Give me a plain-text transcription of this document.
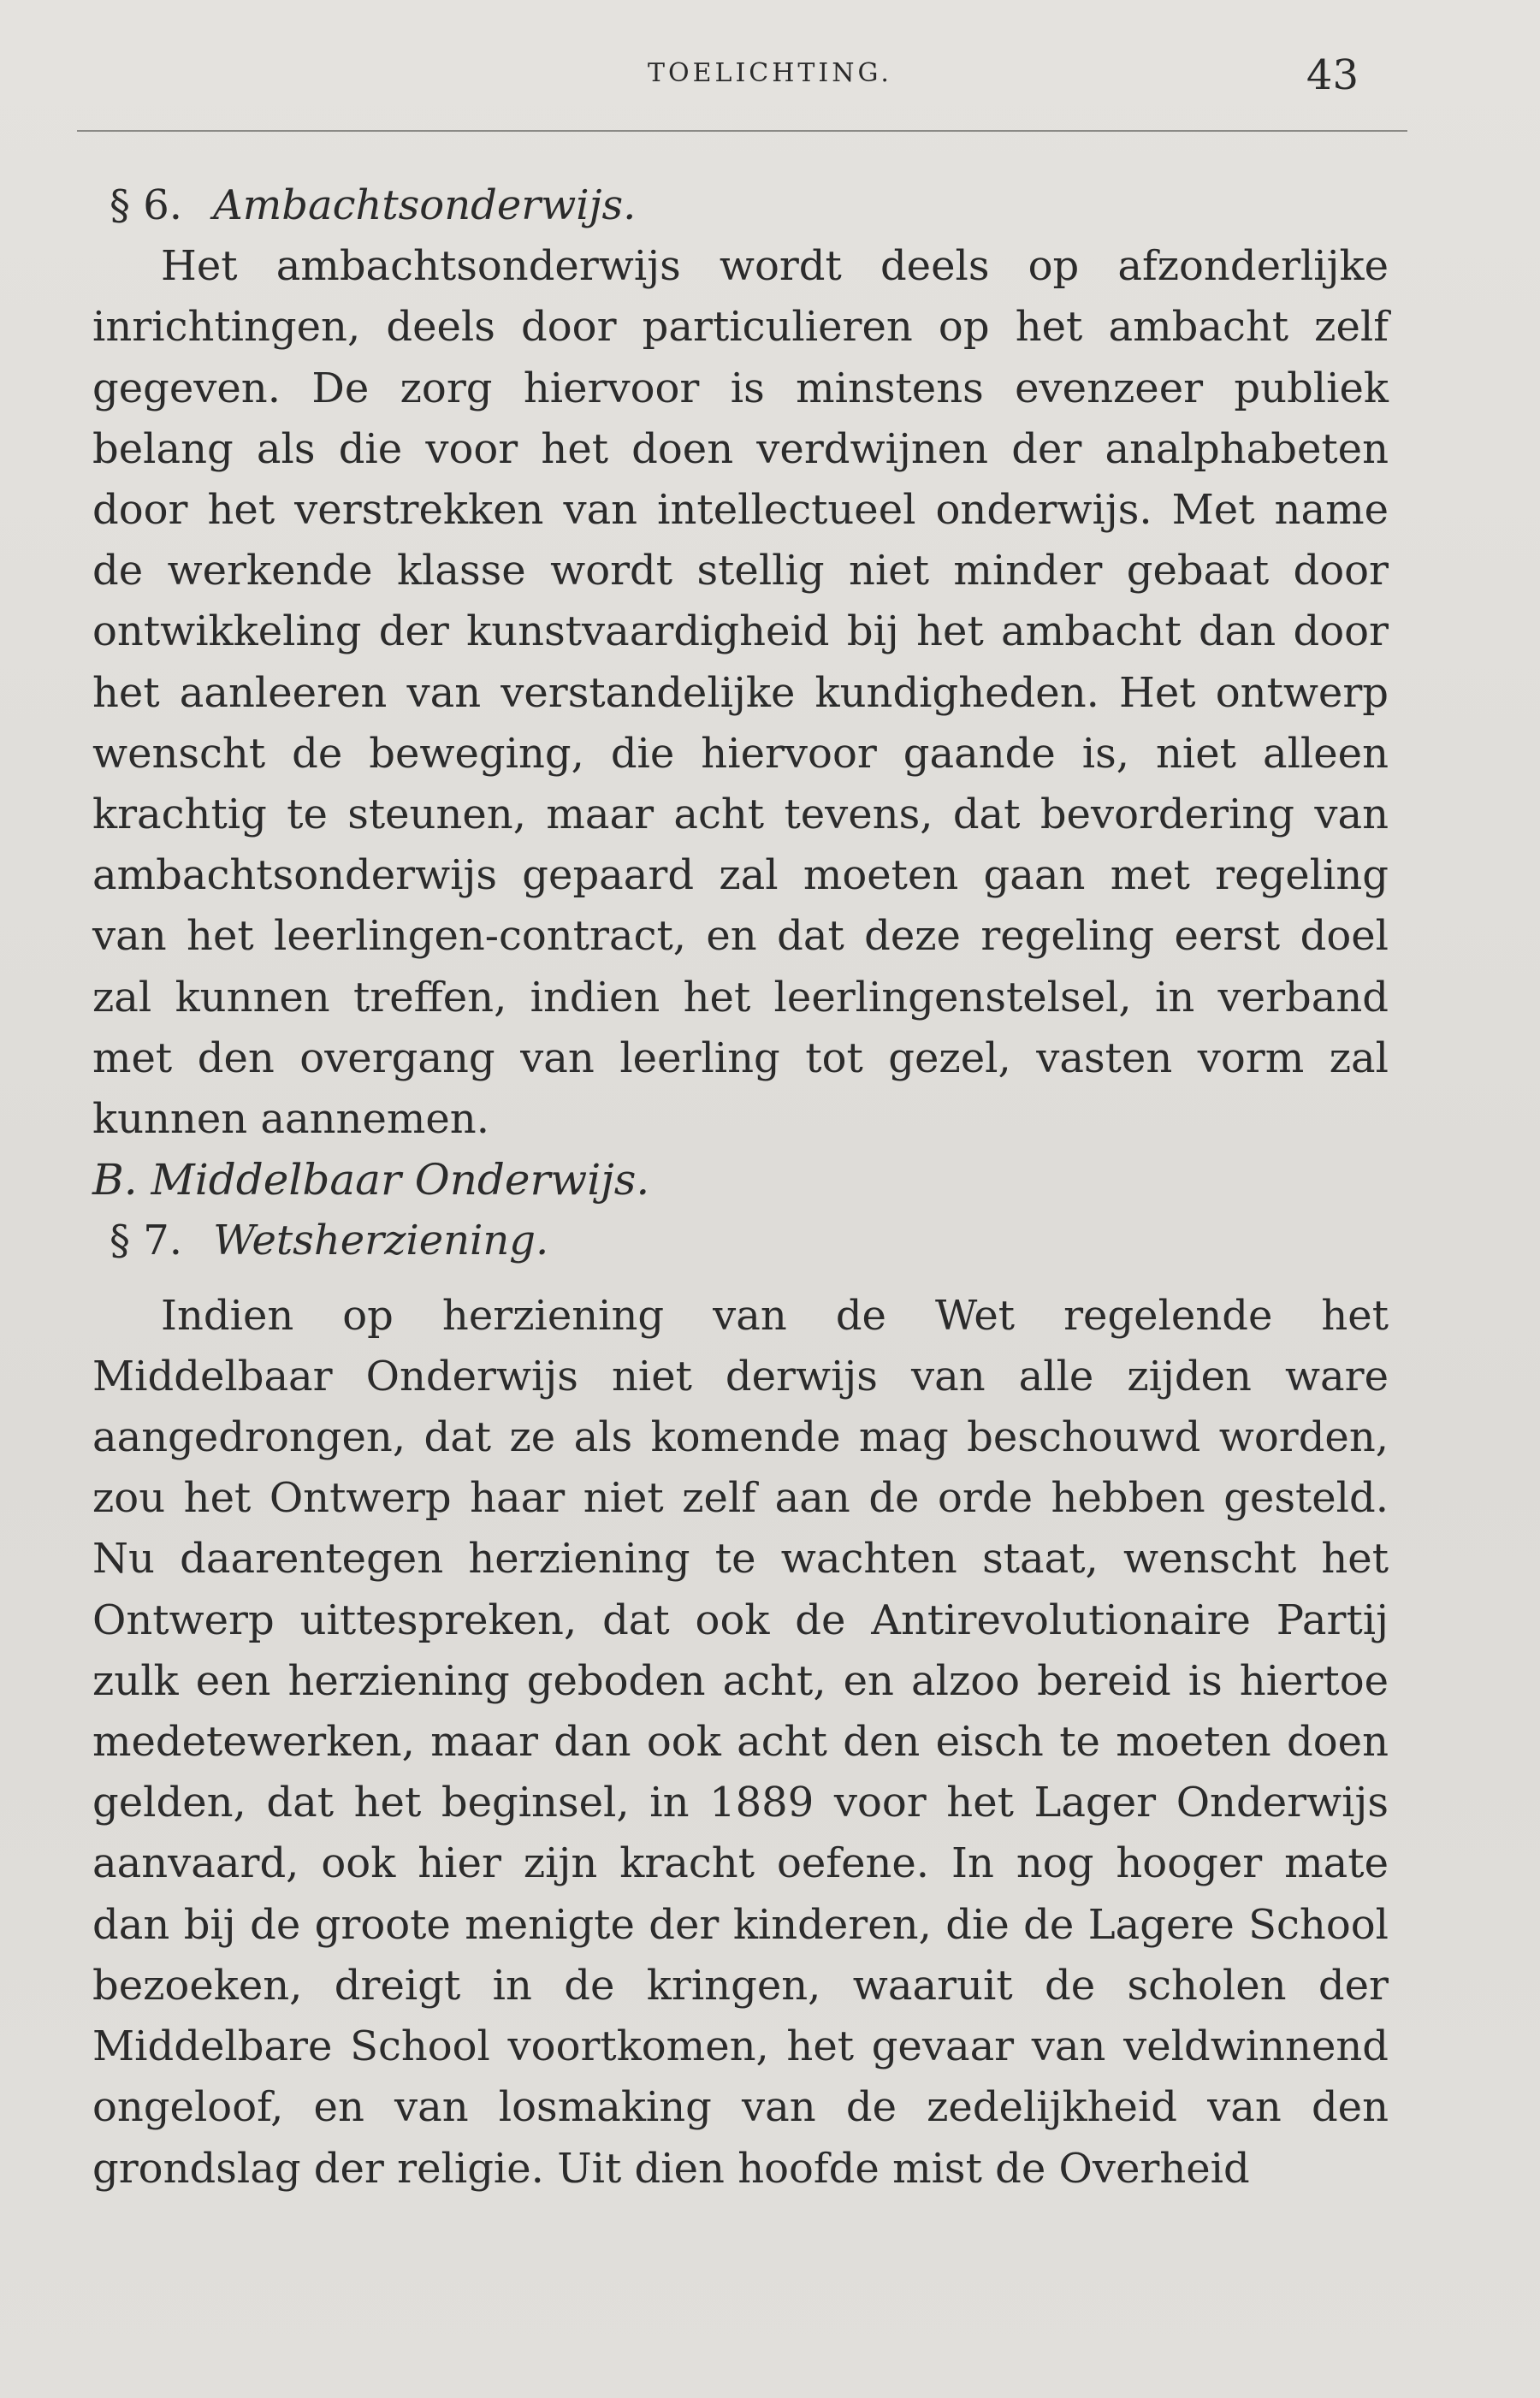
TOELICHTING.	43

§ 6. Ambachtsonderwijs.

Het ambachtsonderwijs wordt deels op afzonderlijke inrichtingen, deels door particulieren op het ambacht zelf gegeven. De zorg hiervoor is minstens evenzeer publiek belang als die voor het doen verdwijnen der analphabeten door het verstrekken van intellectueel onderwijs. Met name de werkende klasse wordt stellig niet minder gebaat door ontwikkeling der kunstvaardigheid bij het ambacht dan door het aanleeren van verstandelijke kundigheden. Het ontwerp wenscht de beweging, die hiervoor gaande is, niet alleen krachtig te steunen, maar acht tevens, dat bevordering van ambachtsonderwijs gepaard zal moeten gaan met regeling van het leerlingen-contract, en dat deze regeling eerst doel zal kunnen treffen, indien het leerlingenstelsel, in verband met den overgang van leerling tot gezel, vasten vorm zal kunnen aannemen.

B. Middelbaar Onderwijs.

§ 7. Wetsherziening.

Indien op herziening van de Wet regelende het Middelbaar Onderwijs niet derwijs van alle zijden ware aangedrongen, dat ze als komende mag beschouwd worden, zou het Ontwerp haar niet zelf aan de orde hebben gesteld. Nu daarentegen herziening te wachten staat, wenscht het Ontwerp uittespreken, dat ook de Antirevolutionaire Partij zulk een herziening geboden acht, en alzoo bereid is hiertoe medetewerken, maar dan ook acht den eisch te moeten doen gelden, dat het beginsel, in 1889 voor het Lager Onderwijs aanvaard, ook hier zijn kracht oefene. In nog hooger mate dan bij de groote menigte der kinderen, die de Lagere School bezoeken, dreigt in de kringen, waaruit de scholen der Middelbare School voortkomen, het gevaar van veldwinnend ongeloof, en van losmaking van de zedelijkheid van den grondslag der religie. Uit dien hoofde mist de Overheid
